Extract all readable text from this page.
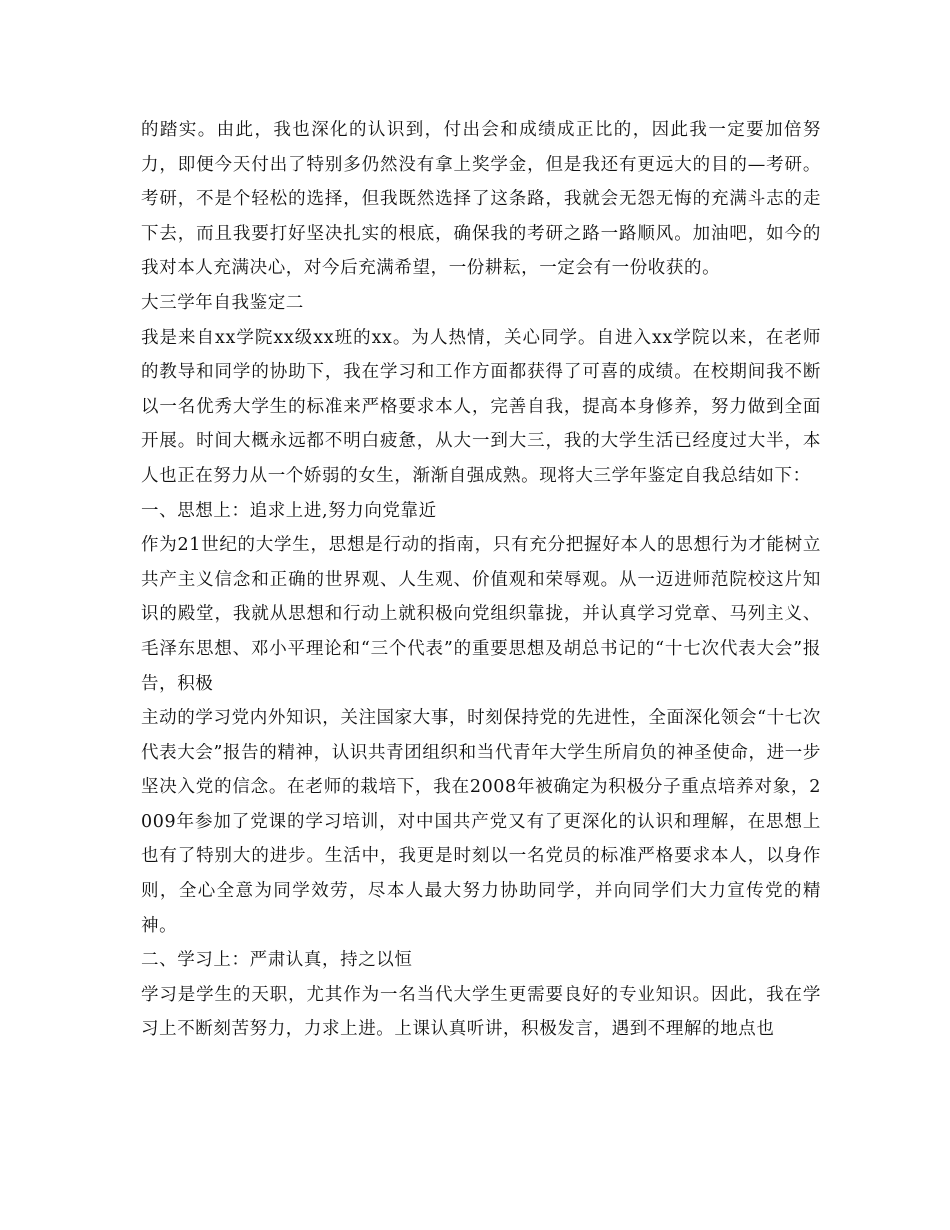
的踏实。由此，我也深化的认识到，付出会和成绩成正比的，因此我一定要加倍努力，即便今天付出了特别多仍然没有拿上奖学金，但是我还有更远大的目的—考研。考研，不是个轻松的选择，但我既然选择了这条路，我就会无怨无悔的充满斗志的走下去，而且我要打好坚决扎实的根底，确保我的考研之路一路顺风。加油吧，如今的我对本人充满决心，对今后充满希望，一份耕耘，一定会有一份收获的。

大三学年自我鉴定二

我是来自xx学院xx级xx班的xx。为人热情，关心同学。自进入xx学院以来，在老师的教导和同学的协助下，我在学习和工作方面都获得了可喜的成绩。在校期间我不断以一名优秀大学生的标准来严格要求本人，完善自我，提高本身修养，努力做到全面开展。时间大概永远都不明白疲惫，从大一到大三，我的大学生活已经度过大半，本人也正在努力从一个娇弱的女生，渐渐自强成熟。现将大三学年鉴定自我总结如下：

一、思想上：追求上进,努力向党靠近

作为21世纪的大学生，思想是行动的指南，只有充分把握好本人的思想行为才能树立共产主义信念和正确的世界观、人生观、价值观和荣辱观。从一迈进师范院校这片知识的殿堂，我就从思想和行动上就积极向党组织靠拢，并认真学习党章、马列主义、毛泽东思想、邓小平理论和“三个代表”的重要思想及胡总书记的“十七次代表大会”报告，积极

主动的学习党内外知识，关注国家大事，时刻保持党的先进性，全面深化领会“十七次代表大会”报告的精神，认识共青团组织和当代青年大学生所肩负的神圣使命，进一步坚决入党的信念。在老师的栽培下，我在2008年被确定为积极分子重点培养对象，2009年参加了党课的学习培训，对中国共产党又有了更深化的认识和理解，在思想上也有了特别大的进步。生活中，我更是时刻以一名党员的标准严格要求本人，以身作则，全心全意为同学效劳，尽本人最大努力协助同学，并向同学们大力宣传党的精神。

二、学习上：严肃认真，持之以恒

学习是学生的天职，尤其作为一名当代大学生更需要良好的专业知识。因此，我在学习上不断刻苦努力，力求上进。上课认真听讲，积极发言，遇到不理解的地点也
